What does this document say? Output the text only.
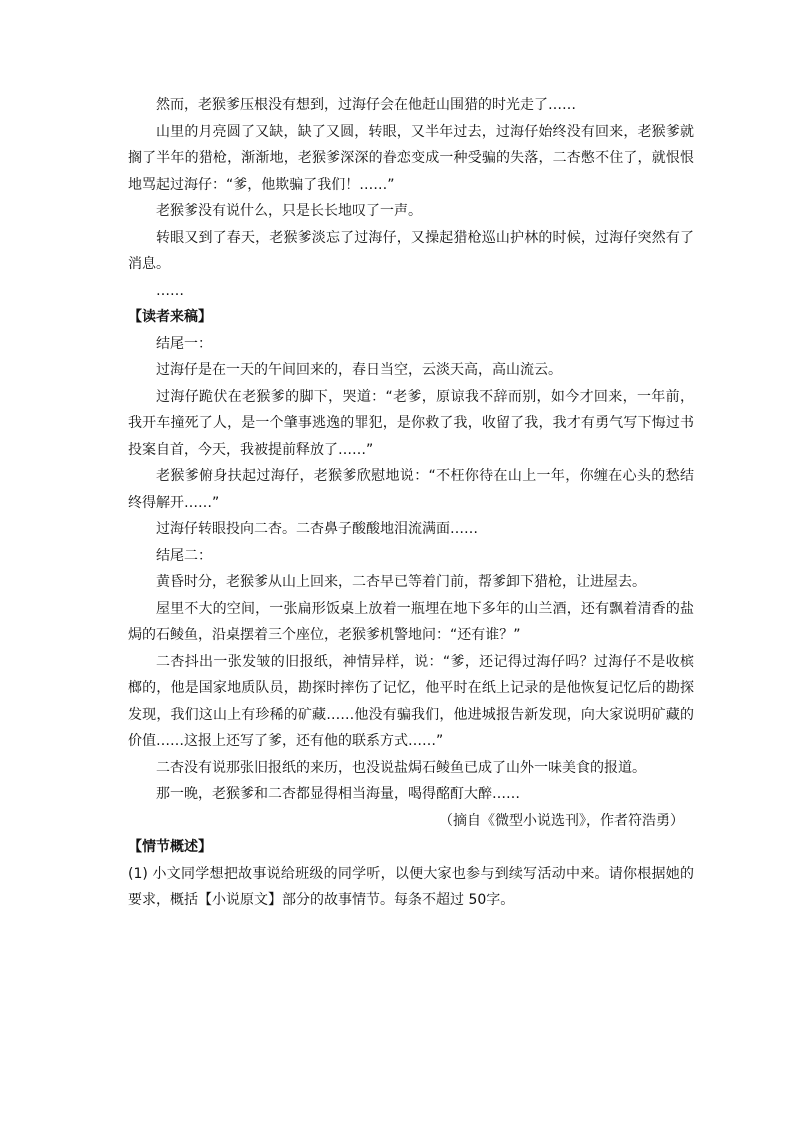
然而，老猴爹压根没有想到，过海仔会在他赶山围猎的时光走了……

山里的月亮圆了又缺，缺了又圆，转眼，又半年过去，过海仔始终没有回来，老猴爹就搁了半年的猎枪，渐渐地，老猴爹深深的眷恋变成一种受骗的失落，二杏憋不住了，就恨恨地骂起过海仔：“爹，他欺骗了我们！……”

老猴爹没有说什么，只是长长地叹了一声。

转眼又到了春天，老猴爹淡忘了过海仔，又操起猎枪巡山护林的时候，过海仔突然有了消息。

……

【读者来稿】

结尾一：

过海仔是在一天的午间回来的，春日当空，云淡天高，高山流云。

过海仔跪伏在老猴爹的脚下，哭道：“老爹，原谅我不辞而别，如今才回来，一年前，我开车撞死了人，是一个肇事逃逸的罪犯，是你救了我，收留了我，我才有勇气写下悔过书投案自首，今天，我被提前释放了……”

老猴爹俯身扶起过海仔，老猴爹欣慰地说：“不枉你待在山上一年，你缠在心头的愁结终得解开……”

过海仔转眼投向二杏。二杏鼻子酸酸地泪流满面……

结尾二：

黄昏时分，老猴爹从山上回来，二杏早已等着门前，帮爹卸下猎枪，让进屋去。

屋里不大的空间，一张扁形饭桌上放着一瓶埋在地下多年的山兰酒，还有飘着清香的盐焗的石鲮鱼，沿桌摆着三个座位，老猴爹机警地问：“还有谁？”

二杏抖出一张发皱的旧报纸，神情异样，说：“爹，还记得过海仔吗？过海仔不是收槟榔的，他是国家地质队员，勘探时摔伤了记忆，他平时在纸上记录的是他恢复记忆后的勘探发现，我们这山上有珍稀的矿藏……他没有骗我们，他进城报告新发现，向大家说明矿藏的价值……这报上还写了爹，还有他的联系方式……”

二杏没有说那张旧报纸的来历，也没说盐焗石鲮鱼已成了山外一味美食的报道。

那一晚，老猴爹和二杏都显得相当海量，喝得酩酊大醉……

（摘自《微型小说选刊》，作者符浩勇）

【情节概述】

(1) 小文同学想把故事说给班级的同学听，以便大家也参与到续写活动中来。请你根据她的要求，概括【小说原文】部分的故事情节。每条不超过 50字。
